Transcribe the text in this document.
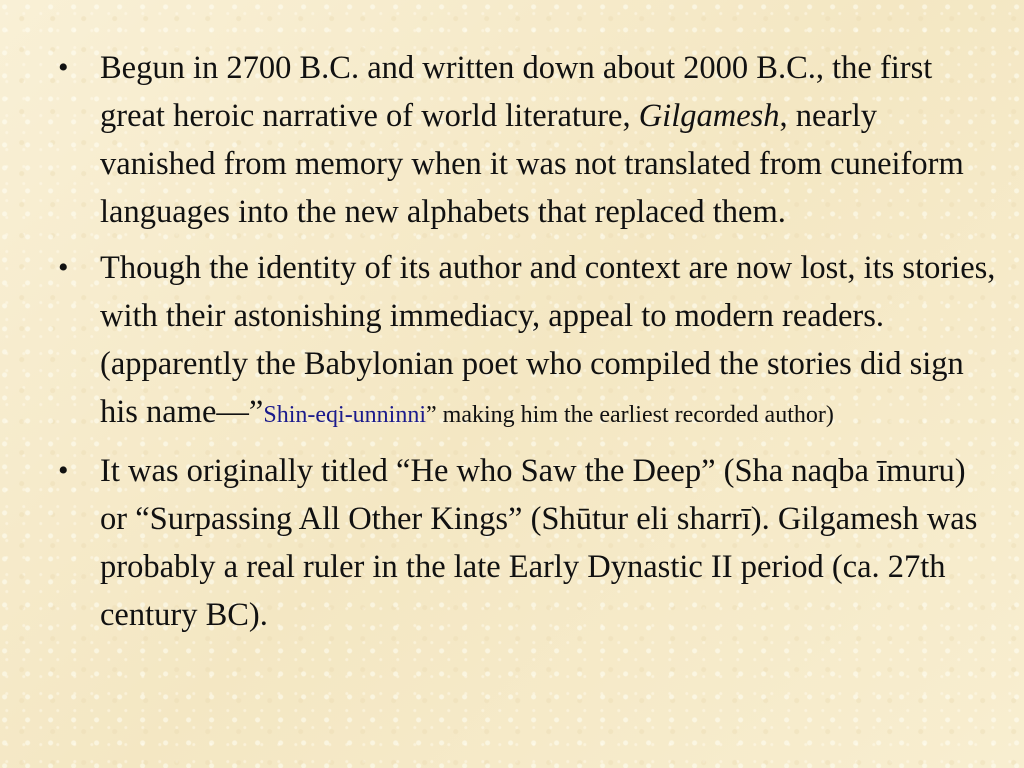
• Begun in 2700 B.C. and written down about 2000 B.C., the first great heroic narrative of world literature, Gilgamesh, nearly vanished from memory when it was not translated from cuneiform languages into the new alphabets that replaced them.
• Though the identity of its author and context are now lost, its stories, with their astonishing immediacy, appeal to modern readers. (apparently the Babylonian poet who compiled the stories did sign his name—”Shin-eqi-unninni” making him the earliest recorded author)
• It was originally titled “He who Saw the Deep” (Sha naqba īmuru) or “Surpassing All Other Kings” (Shūtur eli sharrī). Gilgamesh was probably a real ruler in the late Early Dynastic II period (ca. 27th century BC).
